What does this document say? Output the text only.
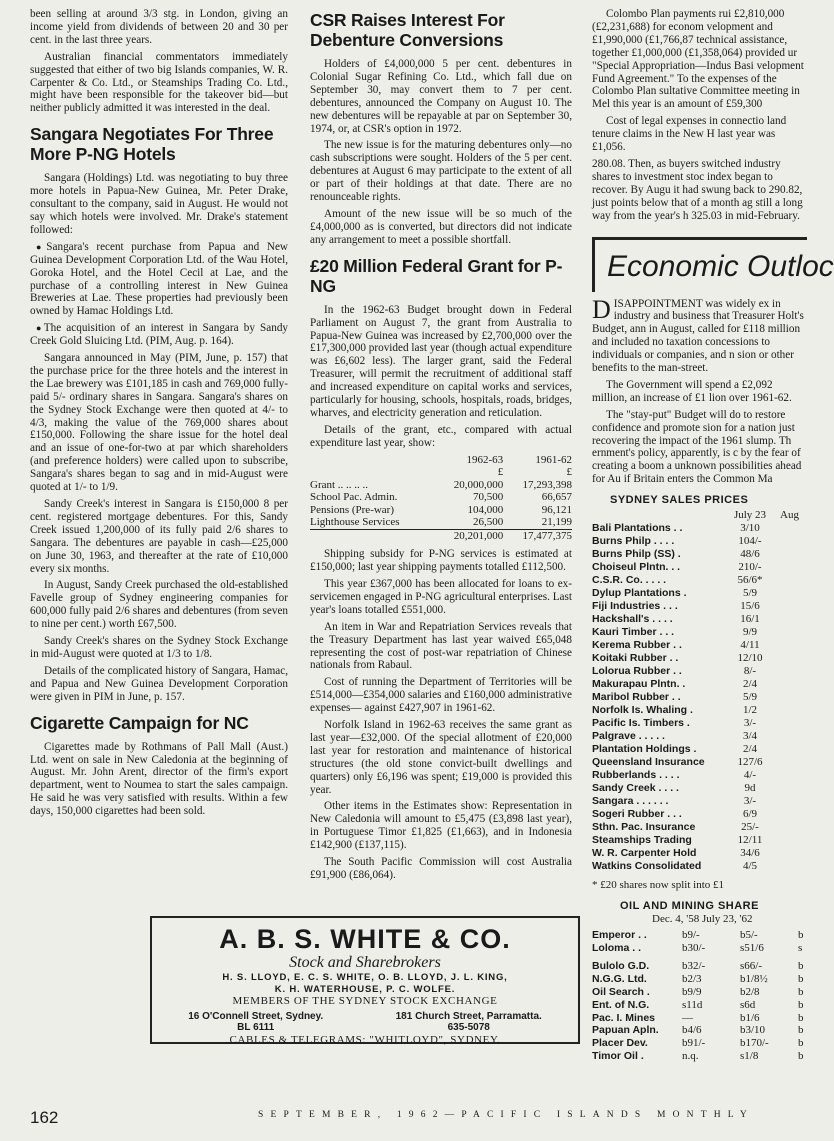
been selling at around 3/3 stg. in London, giving an income yield from dividends of between 20 and 30 per cent. in the last three years.

Australian financial commentators immediately suggested that either of two big Islands companies, W. R. Carpenter & Co. Ltd., or Steamships Trading Co. Ltd., might have been responsible for the takeover bid—but neither publicly admitted it was interested in the deal.

Sangara Negotiates For Three More P-NG Hotels

Sangara (Holdings) Ltd. was negotiating to buy three more hotels in Papua-New Guinea, Mr. Peter Drake, consultant to the company, said in August. He would not say which hotels were involved. Mr. Drake's statement followed:

● Sangara's recent purchase from Papua and New Guinea Development Corporation Ltd. of the Wau Hotel, Goroka Hotel, and the Hotel Cecil at Lae, and the purchase of a controlling interest in New Guinea Breweries at Lae. These properties had previously been owned by Hamac Holdings Ltd.

● The acquisition of an interest in Sangara by Sandy Creek Gold Sluicing Ltd. (PIM, Aug. p. 164).

Sangara announced in May (PIM, June, p. 157) that the purchase price for the three hotels and the interest in the Lae brewery was £101,185 in cash and 769,000 fully-paid 5/- ordinary shares in Sangara. Sangara's shares on the Sydney Stock Exchange were then quoted at 4/- to 4/3, making the value of the 769,000 shares about £150,000. Following the share issue for the hotel deal and an issue of one-for-two at par which shareholders (and preference holders) were called upon to subscribe, Sangara's shares began to sag and in mid-August were quoted at 1/- to 1/9.

Sandy Creek's interest in Sangara is £150,000 8 per cent. registered mortgage debentures. For this, Sandy Creek issued 1,200,000 of its fully paid 2/6 shares to Sangara. The debentures are payable in cash—£25,000 on June 30, 1963, and thereafter at the rate of £10,000 every six months.

In August, Sandy Creek purchased the old-established Favelle group of Sydney engineering companies for 600,000 fully paid 2/6 shares and debentures (from seven to nine per cent.) worth £67,500.

Sandy Creek's shares on the Sydney Stock Exchange in mid-August were quoted at 1/3 to 1/8.

Details of the complicated history of Sangara, Hamac, and Papua and New Guinea Development Corporation were given in PIM in June, p. 157.

Cigarette Campaign for NC

Cigarettes made by Rothmans of Pall Mall (Aust.) Ltd. went on sale in New Caledonia at the beginning of August. Mr. John Arent, director of the firm's export department, went to Noumea to start the sales campaign. He said he was very satisfied with results. Within a few days, 150,000 cigarettes had been sold.

CSR Raises Interest For Debenture Conversions

Holders of £4,000,000 5 per cent. debentures in Colonial Sugar Refining Co. Ltd., which fall due on September 30, may convert them to 7 per cent. debentures, announced the Company on August 10. The new debentures will be repayable at par on September 30, 1974, or, at CSR's option in 1972.

The new issue is for the maturing debentures only—no cash subscriptions were sought. Holders of the 5 per cent. debentures at August 6 may participate to the extent of all or part of their holdings at that date. There are no renounceable rights.

Amount of the new issue will be so much of the £4,000,000 as is converted, but directors did not indicate any arrangement to meet a possible shortfall.

£20 Million Federal Grant for P-NG

In the 1962-63 Budget brought down in Federal Parliament on August 7, the grant from Australia to Papua-New Guinea was increased by £2,700,000 over the £17,300,000 provided last year (though actual expenditure was £6,602 less). The larger grant, said the Federal Treasurer, will permit the recruitment of additional staff and increased expenditure on capital works and services, particularly for housing, schools, hospitals, roads, bridges, wharves, and electricity generation and reticulation.

Details of the grant, etc., compared with actual expenditure last year, show:

	1962-63	1961-62
	£	£
Grant .. .. .. ..	20,000,000	17,293,398
School Pac. Admin.	70,500	66,657
Pensions (Pre-war)	104,000	96,121
Lighthouse Services	26,500	21,199
	20,201,000	17,477,375

Shipping subsidy for P-NG services is estimated at £150,000; last year shipping payments totalled £112,500.

This year £367,000 has been allocated for loans to ex-servicemen engaged in P-NG agricultural enterprises. Last year's loans totalled £551,000.

An item in War and Repatriation Services reveals that the Treasury Department has last year waived £65,048 representing the cost of post-war repatriation of Chinese nationals from Rabaul.

Cost of running the Department of Territories will be £514,000—£354,000 salaries and £160,000 administrative expenses— against £427,907 in 1961-62.

Norfolk Island in 1962-63 receives the same grant as last year—£32,000. Of the special allotment of £20,000 last year for restoration and maintenance of historical structures (the old stone convict-built dwellings and quarters) only £6,196 was spent; £19,000 is provided this year.

Other items in the Estimates show: Representation in New Caledonia will amount to £5,475 (£3,898 last year), in Portuguese Timor £1,825 (£1,663), and in Indonesia £142,900 (£137,115).

The South Pacific Commission will cost Australia £91,900 (£86,064).

Colombo Plan payments rui £2,810,000 (£2,231,688) for econom velopment and £1,990,000 (£1,766,87 technical assistance, together £1,000,000 (£1,358,064) provided ur "Special Appropriation—Indus Basi velopment Fund Agreement." To the expenses of the Colombo Plan sultative Committee meeting in Mel this year is an amount of £59,300

Cost of legal expenses in connectio land tenure claims in the New H last year was £1,056.

280.08. Then, as buyers switched industry shares to investment stoc index began to recover. By Augu it had swung back to 290.82, just points below that of a month ag still a long way from the year's h 325.03 in mid-February.

Economic Outloc

DISAPPOINTMENT was widely ex in industry and business that Treasurer Holt's Budget, ann in August, called for £118 million and included no taxation concessions to individuals or companies, and n sion or other benefits to the man-street.

The Government will spend a £2,092 million, an increase of £1 lion over 1961-62.

The "stay-put" Budget will do to restore confidence and promote sion for a nation just recovering the impact of the 1961 slump. Th ernment's policy, apparently, is c by the fear of creating a boom a unknown possibilities ahead for Au if Britain enters the Common Ma

SYDNEY SALES PRICES
	July 23	Aug
Bali Plantations . .	3/10	
Burns Philp . . . .	104/-	
Burns Philp (SS) .	48/6	
Choiseul Plntn. . .	210/-	
C.S.R. Co. . . . .	56/6*	
Dylup Plantations .	5/9	
Fiji Industries . . .	15/6	
Hackshall's . . . .	16/1	
Kauri Timber . . .	9/9	
Kerema Rubber . .	4/11	
Koitaki Rubber . .	12/10	
Lolorua Rubber . .	8/-	
Makurapau Plntn. .	2/4	
Maribol Rubber . .	5/9	
Norfolk Is. Whaling .	1/2	
Pacific Is. Timbers .	3/-	
Palgrave . . . . .	3/4	
Plantation Holdings .	2/4	
Queensland Insurance	127/6	
Rubberlands . . . .	4/-	
Sandy Creek . . . .	9d	
Sangara . . . . . .	3/-	
Sogeri Rubber . . .	6/9	
Sthn. Pac. Insurance	25/-	
Steamships Trading	12/11	
W. R. Carpenter Hold	34/6	
Watkins Consolidated	4/5	
* £20 shares now split into £1
OIL AND MINING SHARE
Dec. 4, '58 July 23, '62
Emperor . .	b9/-	b5/-	b
Loloma . .	b30/-	s51/6	s

Bulolo G.D.	b32/-	s66/-	b
N.G.G. Ltd.	b2/3	b1/8½	b
Oil Search .	b9/9	b2/8	b
Ent. of N.G.	s11d	s6d	b
Pac. I. Mines	—	b1/6	b
Papuan Apln.	b4/6	b3/10	b
Placer Dev.	b91/-	b170/-	b
Timor Oil .	n.q.	s1/8	b
A. B. S. WHITE & CO.
Stock and Sharebrokers
H. S. LLOYD, E. C. S. WHITE, O. B. LLOYD, J. L. KING,
K. H. WATERHOUSE, P. C. WOLFE.
MEMBERS OF THE SYDNEY STOCK EXCHANGE
16 O'Connell Street, Sydney.
BL 6111
181 Church Street, Parramatta.
635-5078
CABLES & TELEGRAMS: "WHITLOYD", SYDNEY.
162	SEPTEMBER, 1962—PACIFIC ISLANDS MONTHLY
